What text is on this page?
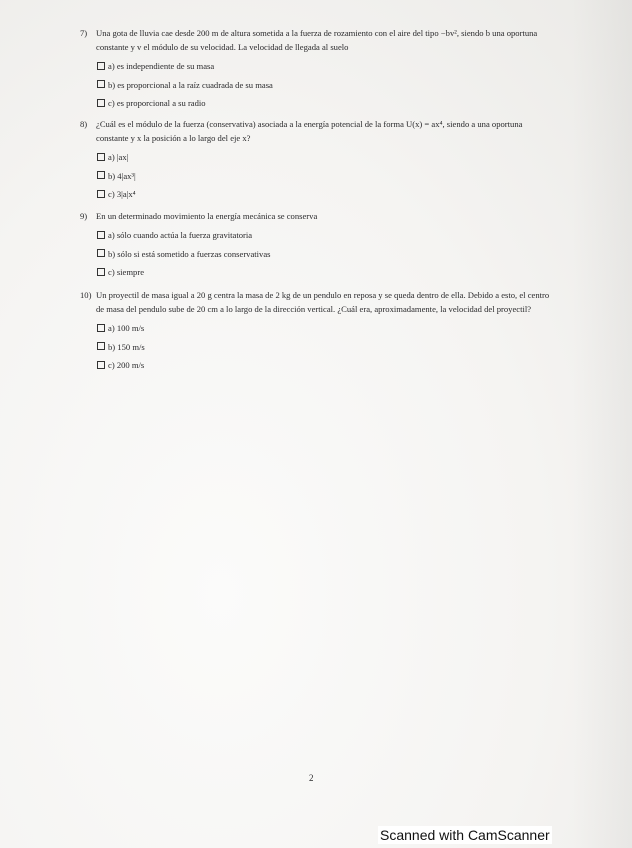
7) Una gota de lluvia cae desde 200 m de altura sometida a la fuerza de rozamiento con el aire del tipo −bv², siendo b una oportuna constante y v el módulo de su velocidad. La velocidad de llegada al suelo
a) es independiente de su masa
b) es proporcional a la raíz cuadrada de su masa
c) es proporcional a su radio
8) ¿Cuál es el módulo de la fuerza (conservativa) asociada a la energía potencial de la forma U(x) = ax⁴, siendo a una oportuna constante y x la posición a lo largo del eje x?
a) |ax|
b) 4|ax³|
c) 3|a|x⁴
9) En un determinado movimiento la energía mecánica se conserva
a) sólo cuando actúa la fuerza gravitatoria
b) sólo si está sometido a fuerzas conservativas
c) siempre
10) Un proyectil de masa igual a 20 g centra la masa de 2 kg de un pendulo en reposa y se queda dentro de ella. Debido a esto, el centro de masa del pendulo sube de 20 cm a lo largo de la dirección vertical. ¿Cuál era, aproximadamente, la velocidad del proyectil?
a) 100 m/s
b) 150 m/s
c) 200 m/s
2
Scanned with CamScanner
